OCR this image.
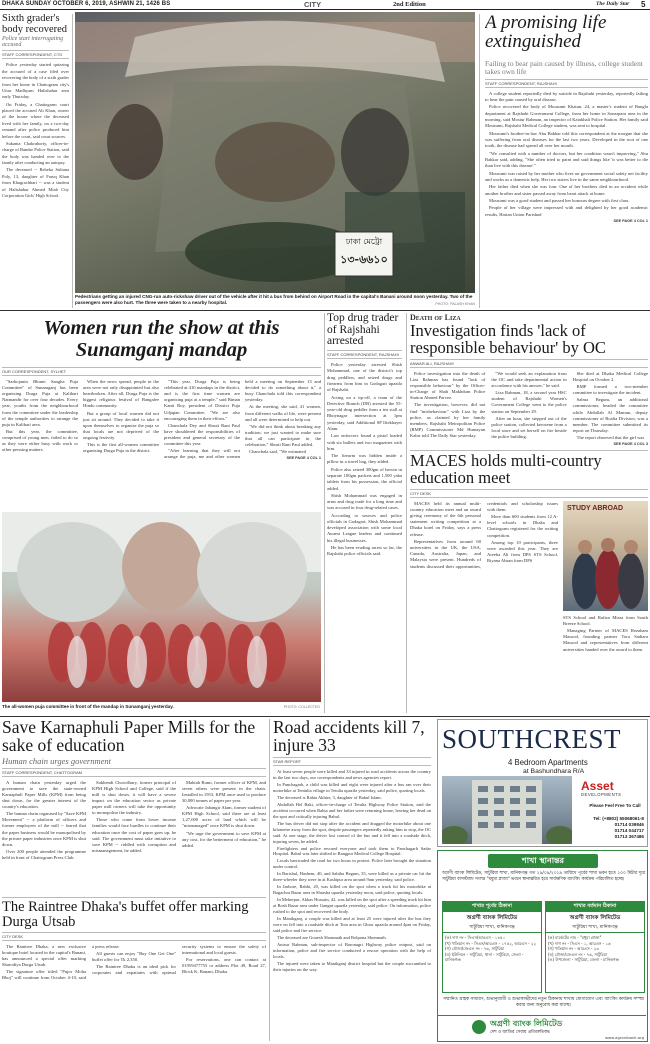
DHAKA SUNDAY OCTOBER 6, 2019, ASHWIN 21, 1426 BS	CITY	2nd Edition	The Daily Star 5
Sixth grader's body recovered
Police start interrogating accused
STAFF CORRESPONDENT, CTG

Police yesterday started quizzing the accused of a case filed over recovering the body of a sixth grader from her home in Chattogram city's Uttar Madhyam Halishahar area early Thursday.

On Friday, a Chattogram court placed the accused Ali Khan, owner of the house where the deceased lived with her family, on a two-day remand after police produced him before the court, said court sources.

Sukanta Chakraborty, officer-in-charge of Bandar Police Station, said the body was handed over to the family after conducting an autopsy.

The deceased -- Rebeka Sultana Poly, 13, daughter of Faruq Khan from Khagrachhari -- was a student of Halishahar Ahmed Miah City Corporation Girls' High School.

ঢাকা মেট্রো
১৩-৬৬১০
Pedestrians getting an injured CNG-run auto-rickshaw driver out of the vehicle after it hit a bus from behind on Airport Road in the capital's Banani around noon yesterday. Two of the passengers were also hurt. The three were taken to a nearby hospital.	PHOTO: PALASH KHAN
A promising life extinguished
Failing to bear pain caused by illness, college student takes own life
STAFF CORRESPONDENT, RAJSHAHI

A college student reportedly died by suicide in Rajshahi yesterday, reportedly failing to bear the pain caused by oral disease.

Police recovered the body of Mousumi Khatun, 24, a master's student of Bangla department at Rajshahi Government College, from her home in Sonarpara area in the morning, said Mostur Rahman, an inspector of Katakhali Police Station. Her family said Mousumi, Rajshahi Medical College student, was sent to hospital.

Mousumi's brother-in-law Abu Bakkar told this correspondent at the morgue that she was suffering from oral diseases for the last two years. Developed in the root of one tooth, the disease had spread all over her mouth.

"We consulted with a number of doctors, but her condition wasn't improving," Abu Bakkar said, adding, "She often tried to paint and said things like 'it was better to die than live with this disease'."

Mousumi was raised by her mother who lives on government social safety net facility and works as a domestic help. Her two sisters live in the same neighbourhood.

Her father died when she was four. One of her brothers died in an accident while another brother and sister passed away from heart attack at home.

Mousumi was a good student and passed her honours degree with first class.

People of her village were impressed with and delighted by her good academic results, Harian Union Parishad

SEE PAGE 4 COL 1
Women run the show at this Sunamganj mandap
OUR CORRESPONDENT, SYLHET

"Sarbojanin Bhumi Sangha Puja Committee" of Sunamganj has been organising Durga Puja at Kalibari Natmandir for over four decades. Every year, youths from the neighbourhood form the committee under the leadership of the temple authorities to arrange the puja in Kalibari area.

But this year, the committee, comprised of young men, failed to do so as they were either busy with work or other pressing matters.

When the news spread, people in the area were not only disappointed but also heartbroken. After all, Durga Puja is the biggest religious festival of Bangalee Hindu community.

But a group of local women did not just sit around. They decided to take it upon themselves to organise the puja so that locals are not deprived of the ongoing festivity.

This is the first all-women committee organising Durga Puja in the district.

"This year, Durga Puja is being celebrated at 410 mandaps in the district, and is the first time women are organising puja at a temple," said Biman Kanti Roy, president of District Puja Udjapan Committee. "We are also encouraging them in their efforts."

Chanchala Dey and Shruti Rani Paul have shouldered the responsibilities of president and general secretary of the committee this year.

"After learning that they will not arrange the puja, me and other women held a meeting on September 13 and decided to do something about it," a busy Chanchala told this correspondent yesterday.

At the meeting, she said, 41 women, from different walks of life, were present and all were determined to help out.

"We did not think about breaking any tradition, we just wanted to make sure that all can participate in the celebration," Shruti Rani Paul added.

Chanchala said, "We estimated

SEE PAGE 4 COL 1
The all-women puja committee in front of the mandap in Sunamganj yesterday.	PHOTO: COLLECTED
Top drug trader of Rajshahi arrested
STAFF CORRESPONDENT, RAJSHAHI

Police yesterday arrested Shish Mohammad, one of the district's top drug peddlers, and seized drugs and firearms from him in Godagari upazila of Rajshahi.

Acting on a tip-off, a team of the Detective Branch (DB) arrested the 55-year-old drug peddler from a tea stall at Bhoynagar intersection at 1pm yesterday, said Additional SP Iftekhayer Alam.

Law enforcers found a pistol loaded with six bullets and two magazines with him.

The firearm was hidden inside a pillow in a travel bag, they added.

Police also seized 300gm of heroin in separate 100gm packets and 1,500 yaba tablets from his possession, the official added.

Shish Mohammad was engaged in arms and drug trade for a long time and was accused in four drug-related cases.

According to sources and police officials in Godagari, Shish Mohammad developed association with some local Awami League leaders and continued his illegal businesses.

He has been evading arrest so far, the Rajshahi police officials said.

Death of Liza
Investigation finds 'lack of responsible behaviour' by OC
ANWAR ALI, RAJSHAHI

Police investigation into the death of Liza Rahman has found "lack of responsible behaviour" by the Officer-in-Charge of Shah Makhdum Police Station Ahmed Parvez.

The investigation, however, did not find "misbehaviour" with Liza by the police, as claimed by her family members, Rajshahi Metropolitan Police (RMP) Commissioner Md Humayun Kabir told The Daily Star yesterday.

"We would seek an explanation from the OC and take departmental action in accordance with his answer," he said.

Liza Rahman, 18, a second year HSC student of Rajshahi Women's Government College went to the police station on September 29.

After an hour, she stepped out of the police station, collected kerosene from a local store and set herself on fire beside the police building.

She died at Dhaka Medical College Hospital on October 2.

RMP formed a two-member committee to investigate the incident.

Salma Begum, an additional commissioner, headed the committee while Abdullah Al Mamun, deputy commissioner of Boalia Division, was a member. The committee submitted its report on Thursday.

The report observed that the girl was

SEE PAGE 4 COL 3
MACES holds multi-country education meet
CITY DESK

MACES held its annual multi-country education meet and an award giving ceremony of the 6th personal statement writing competition at a Dhaka hotel on Friday, says a press release.

Representatives from around 60 universities in the UK, the USA, Canada, Australia, Japan, and Malaysia were present. Hundreds of students discussed their opportunities, credentials and scholarship issues with them.

More than 600 students from 12 A-level schools in Dhaka and Chattogram registered for the writing competition.

Among top 10 participants, three were awarded this year. They are Areeba Ali from DPS STS School, Riyana Ahsan from DPS

STUDY ABROAD

STS School and Rafiza Mirza from South Breeze School.

Managing Partner of MACES Rezaham Masood, founding partner Tora Sadiara Masood and representatives from different universities handed over the award to them.

Save Karnaphuli Paper Mills for the sake of education
Human chain urges government
STAFF CORRESPONDENT, CHATTOGRAM

A human chain yesterday urged the government to save the state-owned Karnaphuli Paper Mills (KPM) from being shut down, for the greater interest of the country's education.

The human chain organised by "Save KPM Movement" -- a platform of officers and former employees of the mill -- feared that the paper business would be monopolised by the private paper industries once KPM is shut down.

Over 200 people attended the programme held in front of Chattogram Press Club.

Sukhendi Chowdhury, former principal of KPM High School and College, said if the mill is shut down, it will have a severe impact on the education sector as private paper mill owners will take the opportunity to monopolise the industry.

Those who come from lower income families would face hurdles to continue their education once the cost of paper goes up, he said. The government must take initiative to save KPM -- riddled with corruption and mismanagement, he added.

Mahtab Rumi, former officer of KPM, and seven others were present in the chain. Installed in 1953, KPM once used to produce 30,000 tonnes of paper per year.

Advocate Jahangir Alam, former student of KPM High School, said there are at least 1,27,000 acres of land which will be "mismanaged" once KPM is shut down.

"We urge the government to save KPM at any cost, for the betterment of education," he added.

The Raintree Dhaka's buffet offer marking Durga Utsab
CITY DESK

The Raintree Dhaka, a new exclusive boutique hotel located in the capital's Banani, has announced a special offer marking Sharodiya Durga Utsab.

The signature offer titled "Pujor Moha Bhoj" will continue from October 4-10, said a press release.

All guests can enjoy "Buy One Get One" buffet offer for Tk 2,350.

The Raintree Dhaka is an ideal pick for corporates and expatiates with optimal security systems to ensure the safety of international and local guests.

For reservations, one can contact at 01959477755 or address Plot 49, Road 27, Block K, Banani, Dhaka.

Road accidents kill 7, injure 33
STAR REPORT

At least seven people were killed and 33 injured in road accidents across the country in the last two days, our correspondents and news agencies report.

In Panchagarh, a child was killed and eight were injured after a bus ran over their motorbike at Tentulia village in Tetulia upazila yesterday, said police, quoting locals.

The deceased is Rabia Akhter, 3, daughter of Babul Islam.

Abdullah Hel Baki, officer-in-charge of Tetulia Highway Police Station, said the accident occurred when Rabia and her father were returning home, leaving her dead on the spot and critically injuring Babul.

The bus driver did not stop after the accident and dragged the motorbike about one kilometre away from the spot, despite passengers repeatedly asking him to stop, the OC said. At one stage, the driver lost control of the bus and it fell into a roadside ditch, injuring seven, he added.

Firefighters and police rescued everyone and took them to Panchagarh Sadar Hospital. Babul was later shifted to Rangpur Medical College Hospital.

Locals barricaded the road for two hours in protest. Police later brought the situation under control.

In Barishal, Hashem, 40, and Sabiha Begum, 35, were killed as a private car hit the three-wheeler they were in at Kashipur area around 9am yesterday, said police.

In Jashore, Rabbi, 20, was killed on the spot when a truck hit his motorbike at Bagachra Bazar area in Sharsha upazila yesterday noon, said police, quoting locals.

In Meherpur, Akkas Hossain, 42, was killed on the spot after a speeding truck hit him at Bosh Bazar area under Gangni upazila yesterday, said police. On information, police rushed to the spot and recovered the body.

In Manikganj, a couple was killed and at least 25 were injured after the bus they were on fell into a roadside ditch at Tota area in Ghior upazila around 4pm on Friday, said police and fire service.

The deceased are Gouesh Shomnath and Rolpona Shomnath.

Anisur Rahman, sub-inspector of Baronagri Highway police outpost, said on information, police and fire service conducted a rescue operation with the help of locals.

The injured were taken to Manikganj district hospital but the couple succumbed to their injuries on the way.

SOUTHCREST
4 Bedroom Apartments
at Bashundhara R/A
Asset
DEVELOPMENTS
Please Feel Free To Call
Tel: (+8802) 55068061-8
01714 039846
01714 044717
01713 367486
শাখা স্থানান্তর
অগ্রণী ব্যাংক লিমিটেড, সাটুরিয়া শাখা, মানিকগঞ্জ গত ২৯/০৯/২০১৯ তারিখে পূর্বের শাখা ভবন হতে ১০০ মিটার দূরে সাটুরিয়া বাসস্ট্যান্ড সংলগ্ন "মধুমা প্লাজা" ভবনে স্থানান্তরিত হয়ে সার্বক্ষণিক ব্যাংকিং কার্যক্রম পরিচালিত হচ্ছে।
শাখার পূর্বের ঠিকানা
অগ্রণী ব্যাংক লিমিটেড
সাটুরিয়া শাখা, মানিকগঞ্জ
(ক) দাগ নং - সিএস/আরএস - ১৪৫০
(খ) খতিয়ান নং - সিএস/আরএস - ১৭৫২, আরএস - ২২
(গ) মৌজা/জেএল নং - ৭৬, সাটুরিয়া
(ঘ) ইউনিয়ন - সাটুরিয়া, থানা - সাটুরিয়া, জেলা - মানিকগঞ্জ
শাখার বর্তমান ঠিকানা
অগ্রণী ব্যাংক লিমিটেড
সাটুরিয়া শাখা, মানিকগঞ্জ
(ক) মার্কেটের নাম - "মধুমা প্লাজা"
(খ) দাগ নং - সিএস - ১, আরএস - ১৬
(গ) খতিয়ান নং - আরএস - ২৩
(ঘ) মৌজা/জেএল নং - ৭৬, সাটুরিয়া
(ঙ) উপজেলা - সাটুরিয়া, জেলা - মানিকগঞ্জ
সম্মানিত গ্রাহক সাধারণ, শুভানুধ্যায়ী ও শুভাকাঙ্খীদের নতুন ঠিকানায় শাখায় যোগাযোগ এবং ব্যাংকিং কার্যক্রম সম্পন্ন করার জন্য অনুরোধ করা যাচ্ছে।
অগ্রণী ব্যাংক লিমিটেড
দেশ ও জাতির সেবায় প্রতিশ্রুতিবদ্ধ
www.agranibank.org
